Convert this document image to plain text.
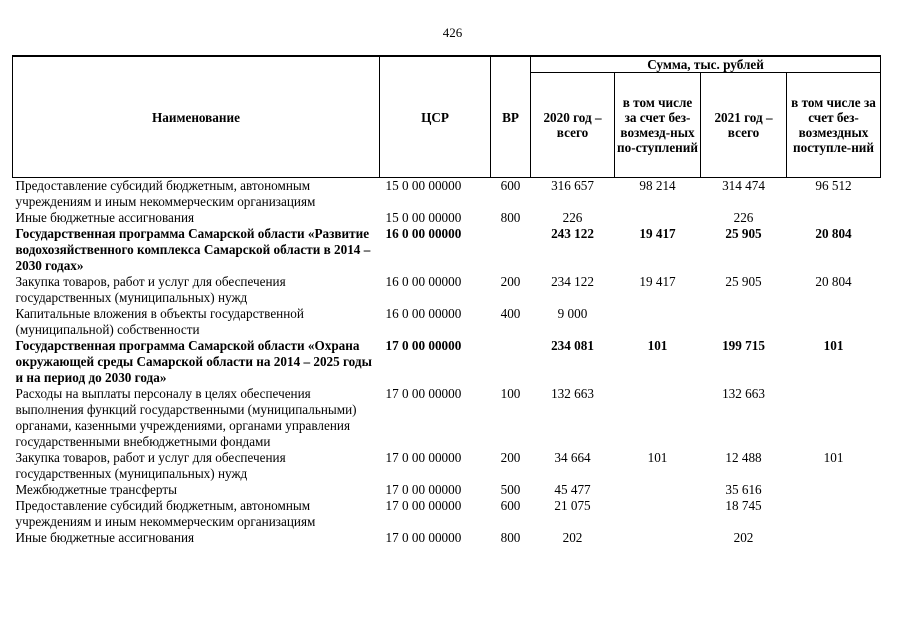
426
Наименование	ЦСР	ВР	Сумма, тыс. рублей			
			2020 год – всего	в том числе за счет без-возмезд-ных по-ступлений	2021 год – всего	в том числе за счет без-возмездных поступле-ний
Предоставление субсидий бюджетным, автономным учреждениям и иным некоммерческим организациям	15 0 00 00000	600	316 657	98 214	314 474	96 512
Иные бюджетные ассигнования	15 0 00 00000	800	226		226	
Государственная программа Самарской области «Развитие водохозяйственного комплекса Самарской области в 2014 – 2030 годах»	16 0 00 00000		243 122	19 417	25 905	20 804
Закупка товаров, работ и услуг для обеспечения государственных (муниципальных) нужд	16 0 00 00000	200	234 122	19 417	25 905	20 804
Капитальные вложения в объекты государственной (муниципальной) собственности	16 0 00 00000	400	9 000			
Государственная программа Самарской области «Охрана окружающей среды Самарской области на 2014 – 2025 годы и на период до 2030 года»	17 0 00 00000		234 081	101	199 715	101
Расходы на выплаты персоналу в целях обеспечения выполнения функций государственными (муниципальными) органами, казенными учреждениями, органами управления государственными внебюджетными фондами	17 0 00 00000	100	132 663		132 663	
Закупка товаров, работ и услуг для обеспечения государственных (муниципальных) нужд	17 0 00 00000	200	34 664	101	12 488	101
Межбюджетные трансферты	17 0 00 00000	500	45 477		35 616	
Предоставление субсидий бюджетным, автономным учреждениям и иным некоммерческим организациям	17 0 00 00000	600	21 075		18 745	
Иные бюджетные ассигнования	17 0 00 00000	800	202		202	
